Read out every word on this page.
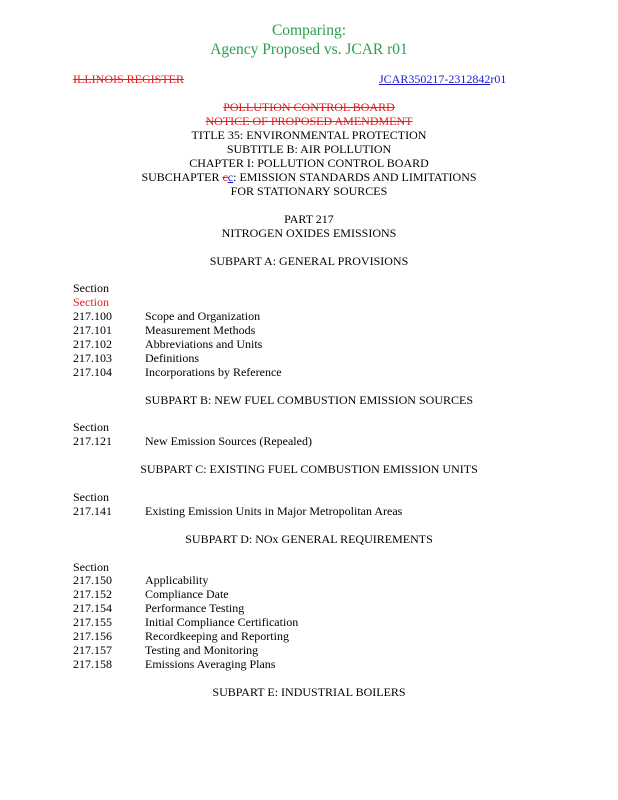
Comparing:
Agency Proposed vs. JCAR r01
ILLINOIS REGISTER	JCAR350217-2312842r01
POLLUTION CONTROL BOARD
NOTICE OF PROPOSED AMENDMENT
TITLE 35: ENVIRONMENTAL PROTECTION
SUBTITLE B: AIR POLLUTION
CHAPTER I: POLLUTION CONTROL BOARD
SUBCHAPTER cc: EMISSION STANDARDS AND LIMITATIONS
FOR STATIONARY SOURCES
PART 217
NITROGEN OXIDES EMISSIONS
SUBPART A: GENERAL PROVISIONS
Section
Section
217.100	Scope and Organization
217.101	Measurement Methods
217.102	Abbreviations and Units
217.103	Definitions
217.104	Incorporations by Reference
SUBPART B: NEW FUEL COMBUSTION EMISSION SOURCES
Section
217.121	New Emission Sources (Repealed)
SUBPART C: EXISTING FUEL COMBUSTION EMISSION UNITS
Section
217.141	Existing Emission Units in Major Metropolitan Areas
SUBPART D: NOx GENERAL REQUIREMENTS
Section
217.150	Applicability
217.152	Compliance Date
217.154	Performance Testing
217.155	Initial Compliance Certification
217.156	Recordkeeping and Reporting
217.157	Testing and Monitoring
217.158	Emissions Averaging Plans
SUBPART E: INDUSTRIAL BOILERS
